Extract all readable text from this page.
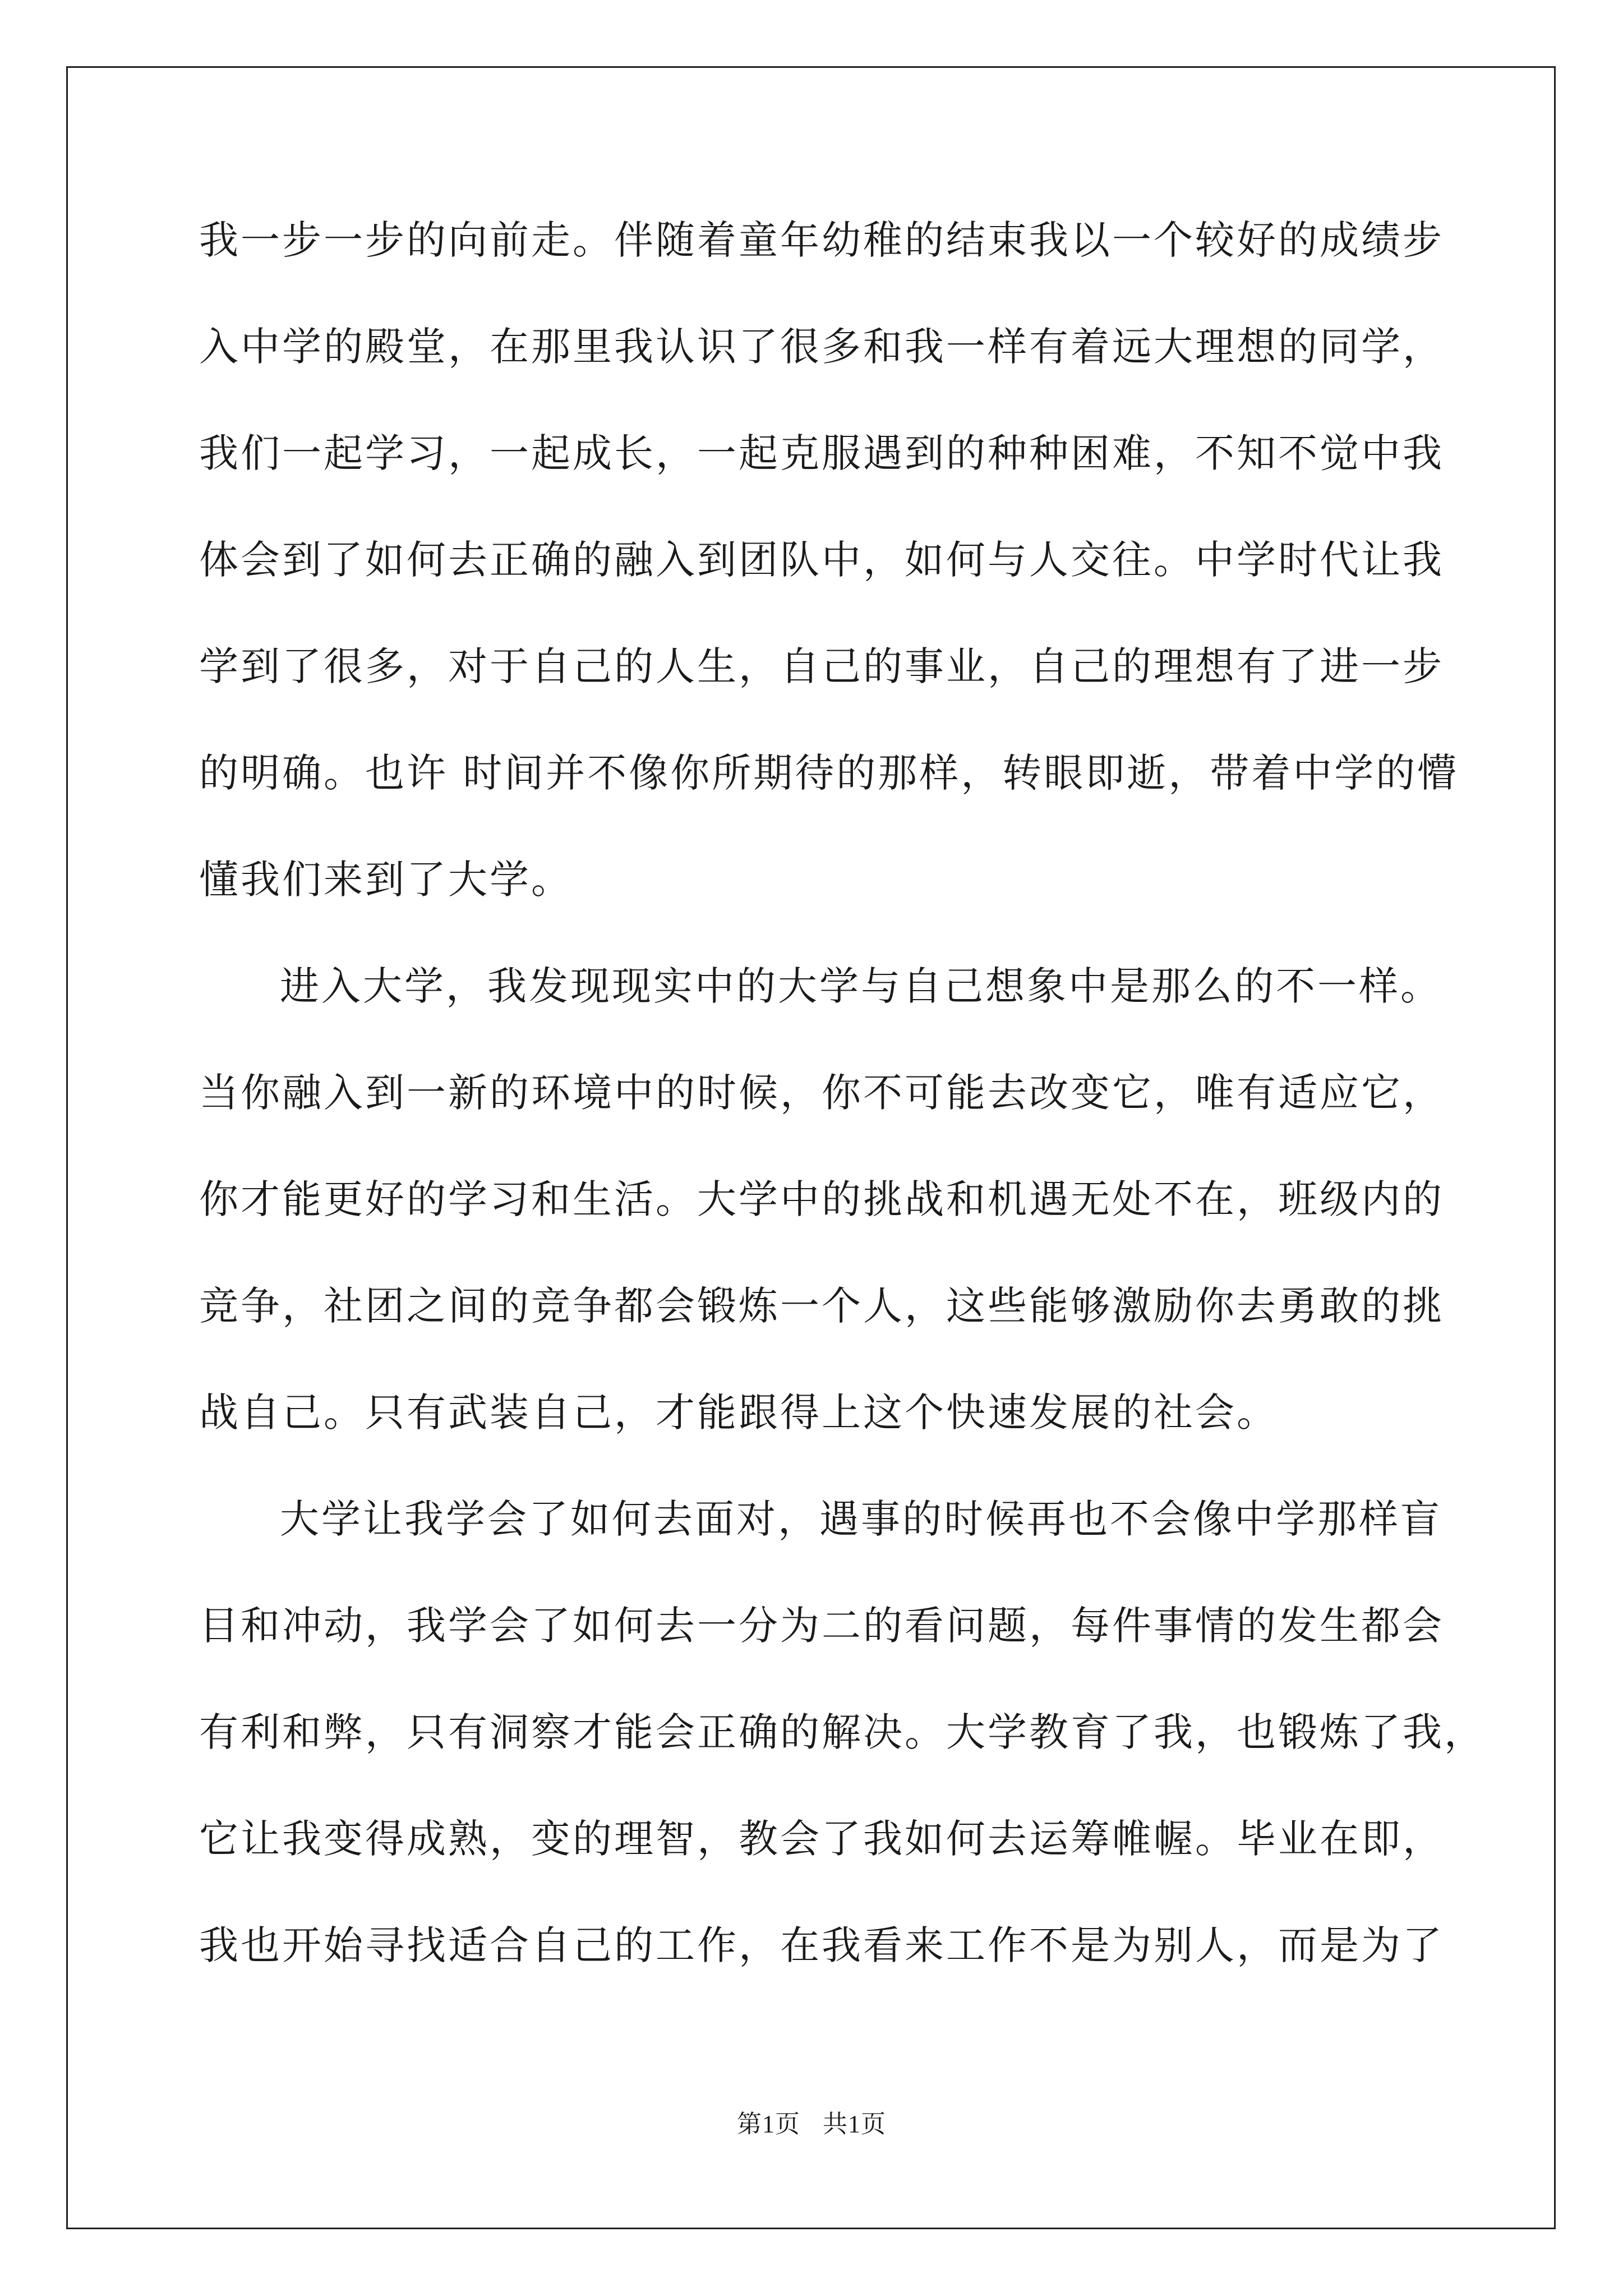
我一步一步的向前走。伴随着童年幼稚的结束我以一个较好的成绩步
入中学的殿堂，在那里我认识了很多和我一样有着远大理想的同学，
我们一起学习，一起成长，一起克服遇到的种种困难，不知不觉中我
体会到了如何去正确的融入到团队中，如何与人交往。中学时代让我
学到了很多，对于自己的人生，自己的事业，自己的理想有了进一步
的明确。也许 时间并不像你所期待的那样，转眼即逝，带着中学的懵
懂我们来到了大学。
进入大学，我发现现实中的大学与自己想象中是那么的不一样。
当你融入到一新的环境中的时候，你不可能去改变它，唯有适应它，
你才能更好的学习和生活。大学中的挑战和机遇无处不在，班级内的
竞争，社团之间的竞争都会锻炼一个人，这些能够激励你去勇敢的挑
战自己。只有武装自己，才能跟得上这个快速发展的社会。
大学让我学会了如何去面对，遇事的时候再也不会像中学那样盲
目和冲动，我学会了如何去一分为二的看问题，每件事情的发生都会
有利和弊，只有洞察才能会正确的解决。大学教育了我，也锻炼了我，
它让我变得成熟，变的理智，教会了我如何去运筹帷幄。毕业在即，
我也开始寻找适合自己的工作，在我看来工作不是为别人，而是为了
第1页 共1页
